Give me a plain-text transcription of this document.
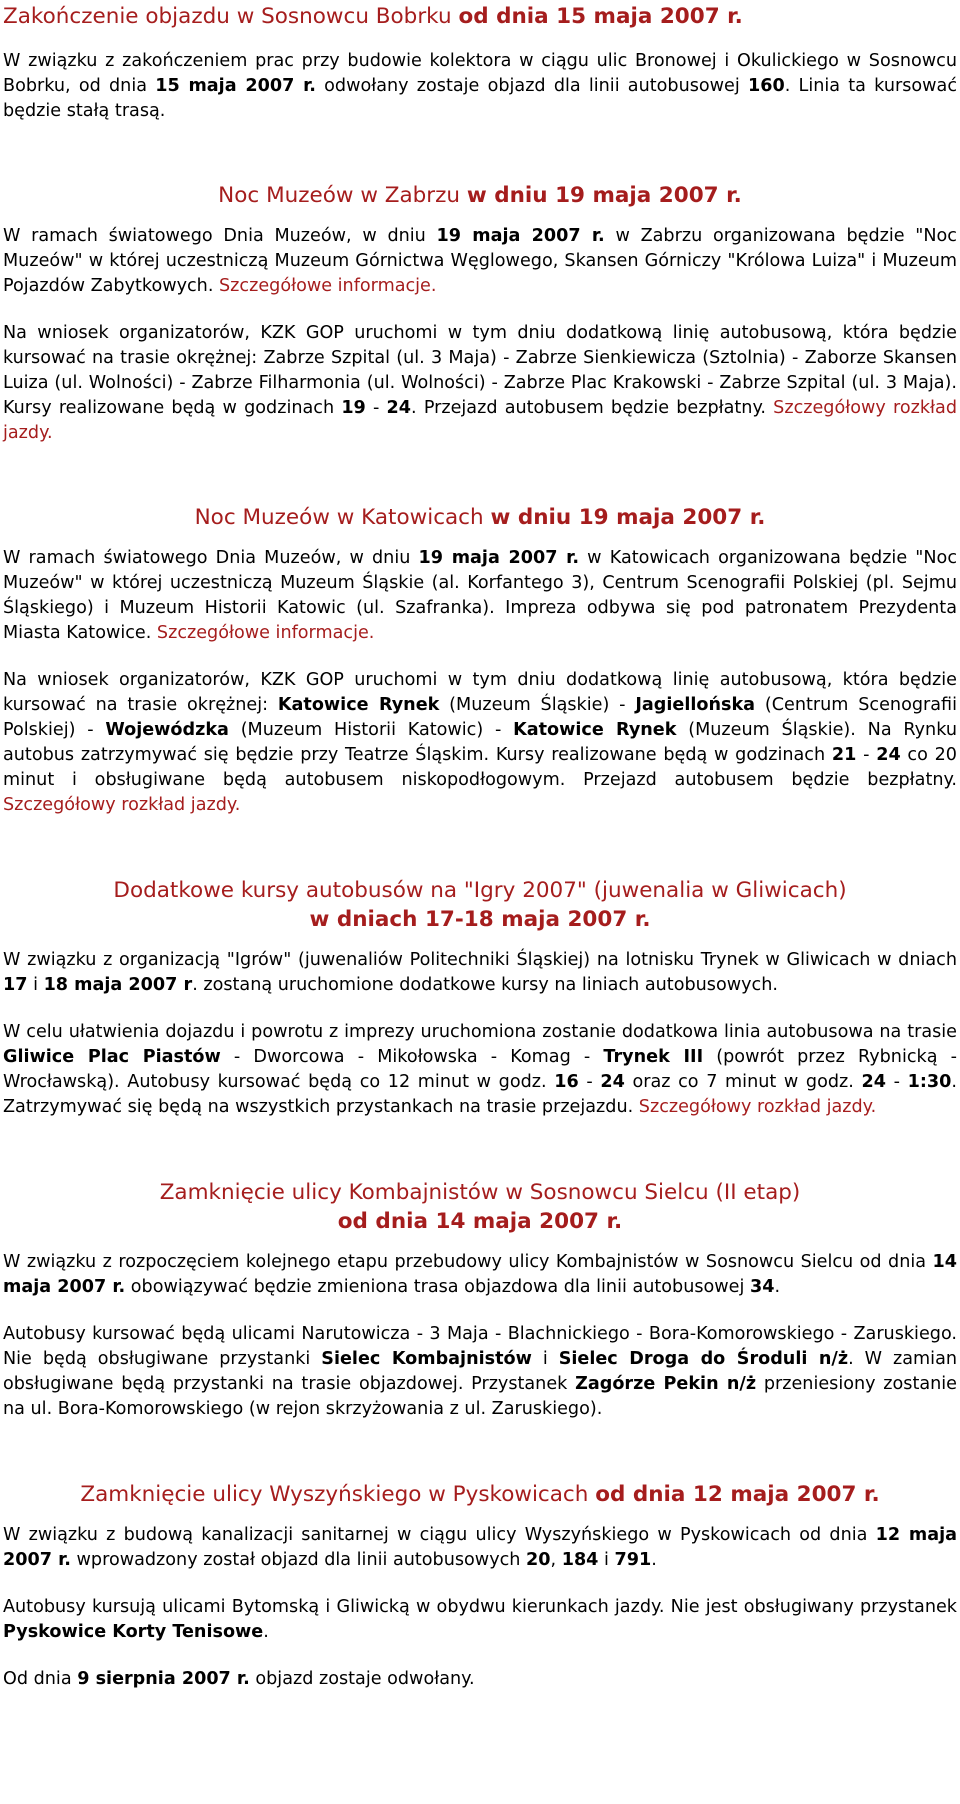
Zakończenie objazdu w Sosnowcu Bobrku od dnia 15 maja 2007 r.

W związku z zakończeniem prac przy budowie kolektora w ciągu ulic Bronowej i Okulickiego w Sosnowcu Bobrku, od dnia 15 maja 2007 r. odwołany zostaje objazd dla linii autobusowej 160. Linia ta kursować będzie stałą trasą.

Noc Muzeów w Zabrzu w dniu 19 maja 2007 r.

W ramach światowego Dnia Muzeów, w dniu 19 maja 2007 r. w Zabrzu organizowana będzie "Noc Muzeów" w której uczestniczą Muzeum Górnictwa Węglowego, Skansen Górniczy "Królowa Luiza" i Muzeum Pojazdów Zabytkowych. Szczegółowe informacje.

Na wniosek organizatorów, KZK GOP uruchomi w tym dniu dodatkową linię autobusową, która będzie kursować na trasie okrężnej: Zabrze Szpital (ul. 3 Maja) - Zabrze Sienkiewicza (Sztolnia) - Zaborze Skansen Luiza (ul. Wolności) - Zabrze Filharmonia (ul. Wolności) - Zabrze Plac Krakowski - Zabrze Szpital (ul. 3 Maja). Kursy realizowane będą w godzinach 19 - 24. Przejazd autobusem będzie bezpłatny. Szczegółowy rozkład jazdy.

Noc Muzeów w Katowicach w dniu 19 maja 2007 r.

W ramach światowego Dnia Muzeów, w dniu 19 maja 2007 r. w Katowicach organizowana będzie "Noc Muzeów" w której uczestniczą Muzeum Śląskie (al. Korfantego 3), Centrum Scenografii Polskiej (pl. Sejmu Śląskiego) i Muzeum Historii Katowic (ul. Szafranka). Impreza odbywa się pod patronatem Prezydenta Miasta Katowice. Szczegółowe informacje.

Na wniosek organizatorów, KZK GOP uruchomi w tym dniu dodatkową linię autobusową, która będzie kursować na trasie okrężnej: Katowice Rynek (Muzeum Śląskie) - Jagiellońska (Centrum Scenografii Polskiej) - Wojewódzka (Muzeum Historii Katowic) - Katowice Rynek (Muzeum Śląskie). Na Rynku autobus zatrzymywać się będzie przy Teatrze Śląskim. Kursy realizowane będą w godzinach 21 - 24 co 20 minut i obsługiwane będą autobusem niskopodłogowym. Przejazd autobusem będzie bezpłatny. Szczegółowy rozkład jazdy.

Dodatkowe kursy autobusów na "Igry 2007" (juwenalia w Gliwicach)
w dniach 17-18 maja 2007 r.

W związku z organizacją "Igrów" (juwenaliów Politechniki Śląskiej) na lotnisku Trynek w Gliwicach w dniach 17 i 18 maja 2007 r. zostaną uruchomione dodatkowe kursy na liniach autobusowych.

W celu ułatwienia dojazdu i powrotu z imprezy uruchomiona zostanie dodatkowa linia autobusowa na trasie Gliwice Plac Piastów - Dworcowa - Mikołowska - Komag - Trynek III (powrót przez Rybnicką - Wrocławską). Autobusy kursować będą co 12 minut w godz. 16 - 24 oraz co 7 minut w godz. 24 - 1:30. Zatrzymywać się będą na wszystkich przystankach na trasie przejazdu. Szczegółowy rozkład jazdy.

Zamknięcie ulicy Kombajnistów w Sosnowcu Sielcu (II etap)
od dnia 14 maja 2007 r.

W związku z rozpoczęciem kolejnego etapu przebudowy ulicy Kombajnistów w Sosnowcu Sielcu od dnia 14 maja 2007 r. obowiązywać będzie zmieniona trasa objazdowa dla linii autobusowej 34.

Autobusy kursować będą ulicami Narutowicza - 3 Maja - Blachnickiego - Bora-Komorowskiego - Zaruskiego. Nie będą obsługiwane przystanki Sielec Kombajnistów i Sielec Droga do Środuli n/ż. W zamian obsługiwane będą przystanki na trasie objazdowej. Przystanek Zagórze Pekin n/ż przeniesiony zostanie na ul. Bora-Komorowskiego (w rejon skrzyżowania z ul. Zaruskiego).

Zamknięcie ulicy Wyszyńskiego w Pyskowicach od dnia 12 maja 2007 r.

W związku z budową kanalizacji sanitarnej w ciągu ulicy Wyszyńskiego w Pyskowicach od dnia 12 maja 2007 r. wprowadzony został objazd dla linii autobusowych 20, 184 i 791.

Autobusy kursują ulicami Bytomską i Gliwicką w obydwu kierunkach jazdy. Nie jest obsługiwany przystanek Pyskowice Korty Tenisowe.

Od dnia 9 sierpnia 2007 r. objazd zostaje odwołany.
